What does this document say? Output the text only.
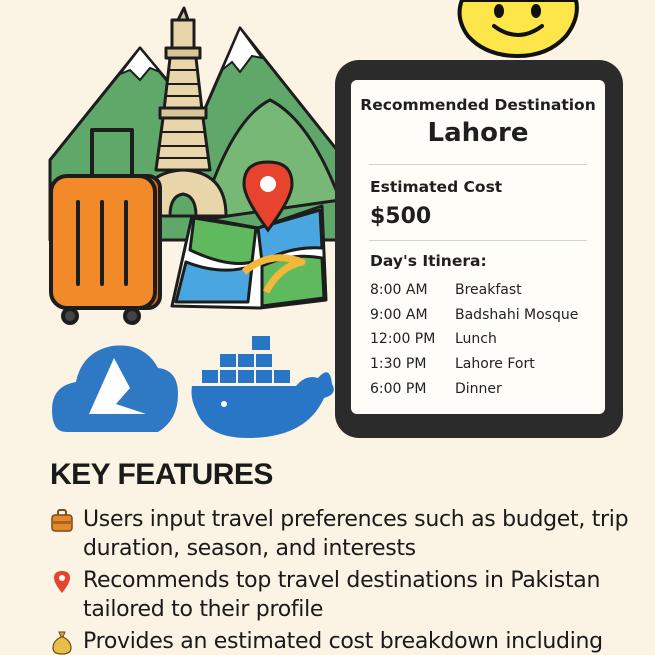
Recommended Destination
Lahore
Estimated Cost
$500
Day's Itinera:
8:00 AM Breakfast
9:00 AM Badshahi Mosque
12:00 PM Lunch
1:30 PM Lahore Fort
6:00 PM Dinner
KEY FEATURES
Users input travel preferences such as budget, trip duration, season, and interests
Recommends top travel destinations in Pakistan tailored to their profile
Provides an estimated cost breakdown including
